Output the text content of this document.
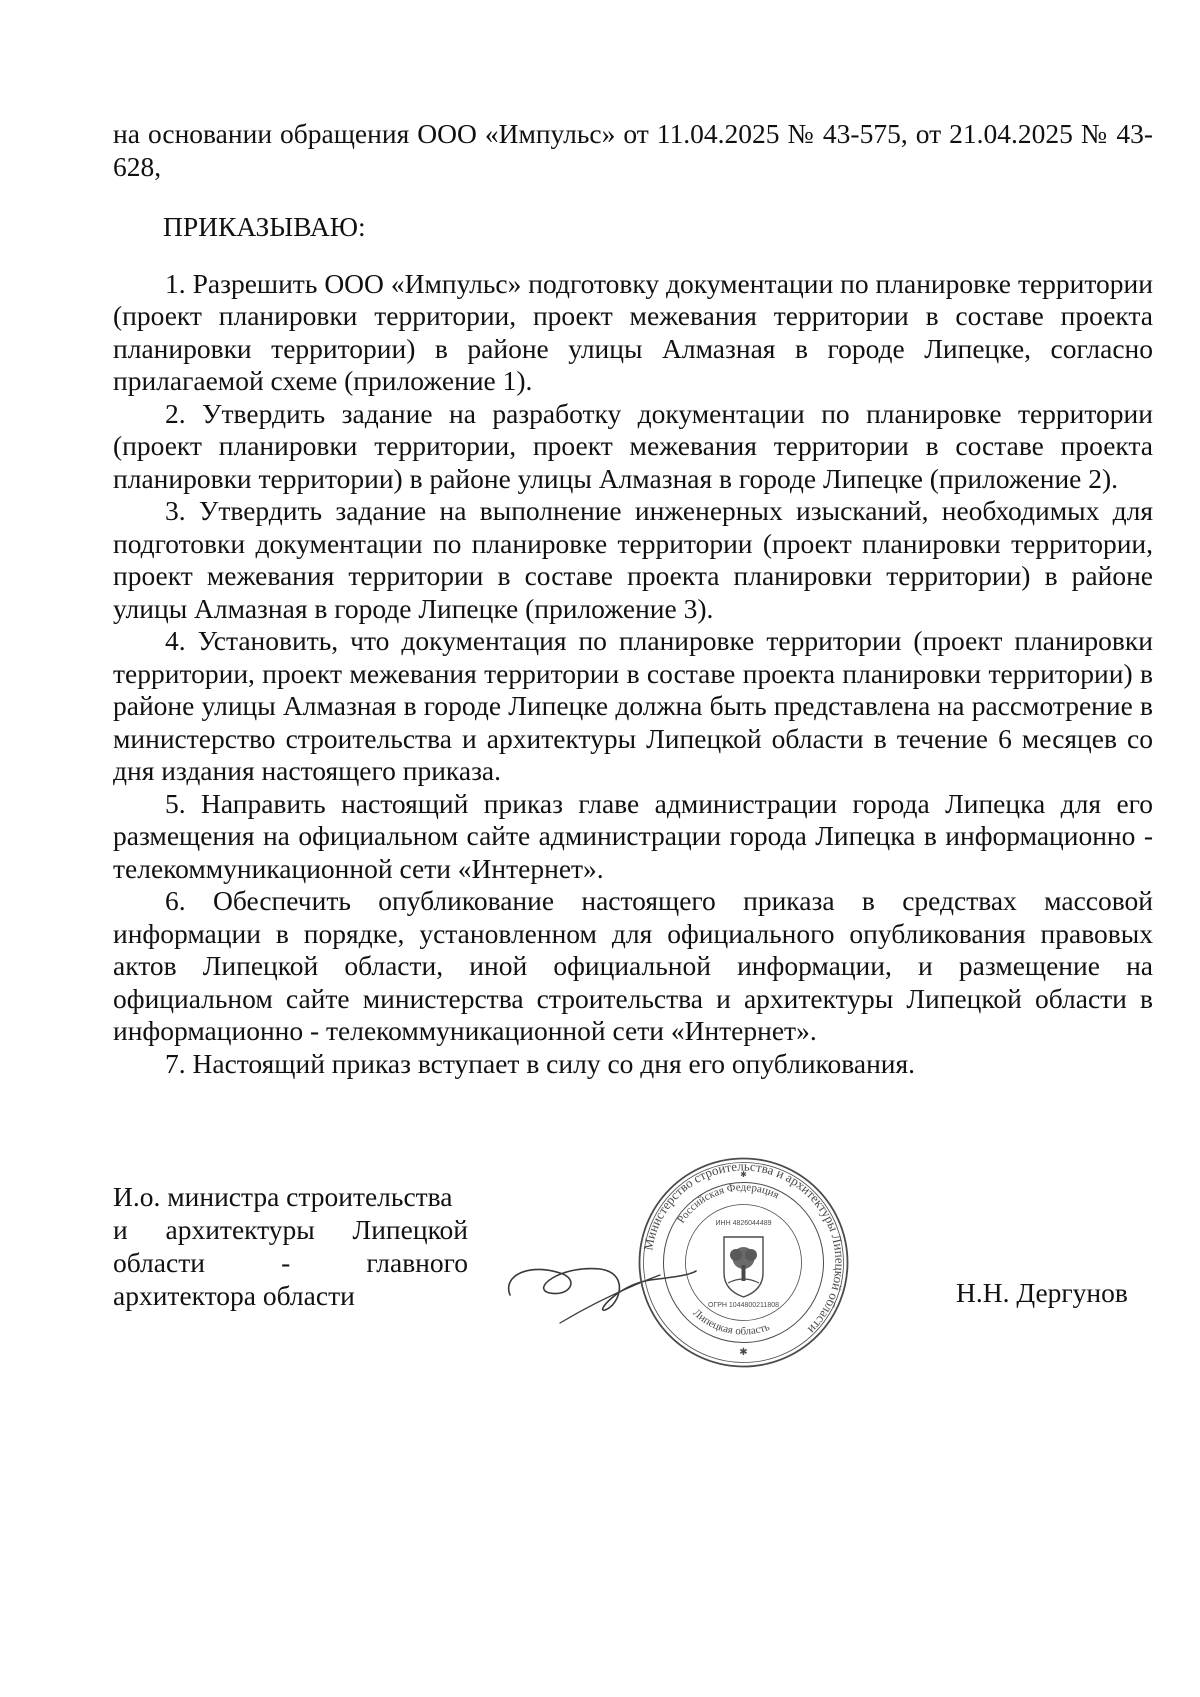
на основании обращения ООО «Импульс» от 11.04.2025 № 43-575, от 21.04.2025 № 43-628,

ПРИКАЗЫВАЮ:

1. Разрешить ООО «Импульс» подготовку документации по планировке территории (проект планировки территории, проект межевания территории в составе проекта планировки территории) в районе улицы Алмазная в городе Липецке, согласно прилагаемой схеме (приложение 1).

2. Утвердить задание на разработку документации по планировке территории (проект планировки территории, проект межевания территории в составе проекта планировки территории) в районе улицы Алмазная в городе Липецке (приложение 2).

3. Утвердить задание на выполнение инженерных изысканий, необходимых для подготовки документации по планировке территории (проект планировки территории, проект межевания территории в составе проекта планировки территории) в районе улицы Алмазная в городе Липецке (приложение 3).

4. Установить, что документация по планировке территории (проект планировки территории, проект межевания территории в составе проекта планировки территории) в районе улицы Алмазная в городе Липецке должна быть представлена на рассмотрение в министерство строительства и архитектуры Липецкой области в течение 6 месяцев со дня издания настоящего приказа.

5. Направить настоящий приказ главе администрации города Липецка для его размещения на официальном сайте администрации города Липецка в информационно - телекоммуникационной сети «Интернет».

6. Обеспечить опубликование настоящего приказа в средствах массовой информации в порядке, установленном для официального опубликования правовых актов Липецкой области, иной официальной информации, и размещение на официальном сайте министерства строительства и архитектуры Липецкой области в информационно - телекоммуникационной сети «Интернет».

7. Настоящий приказ вступает в силу со дня его опубликования.

И.о. министра строительства
и архитектуры Липецкой
области - главного
архитектора области
Министерство строительства и архитектуры Липецкой области
Российская Федерация
Липецкая область
ИНН 4826044489
ОГРН 1044800211808
✱
✱
Н.Н. Дергунов
